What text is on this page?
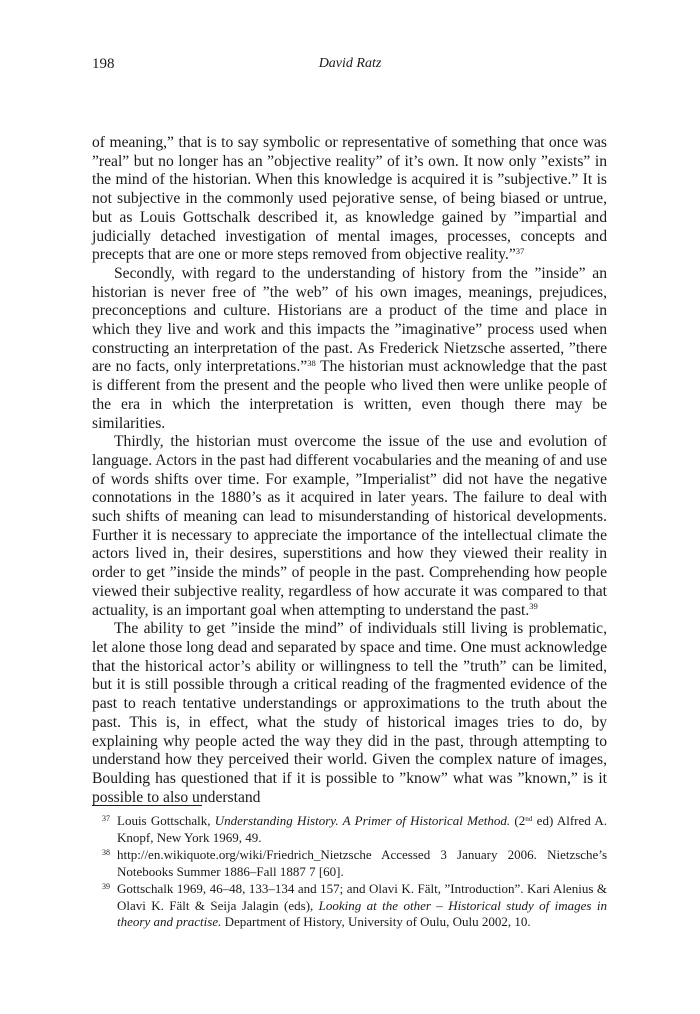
198	David Ratz

of meaning,” that is to say symbolic or representative of something that once was ”real” but no longer has an ”objective reality” of it’s own. It now only ”exists” in the mind of the historian. When this knowledge is acquired it is ”subjective.” It is not subjective in the commonly used pejorative sense, of being biased or untrue, but as Louis Gottschalk described it, as knowledge gained by ”impartial and judicially detached investigation of mental images, processes, concepts and precepts that are one or more steps removed from objective reality.”$^{37}$

Secondly, with regard to the understanding of history from the ”inside” an historian is never free of ”the web” of his own images, meanings, prejudices, preconceptions and culture. Historians are a product of the time and place in which they live and work and this impacts the ”imaginative” process used when constructing an interpretation of the past. As Frederick Nietzsche asserted, ”there are no facts, only interpretations.”$^{38}$ The historian must acknowledge that the past is different from the present and the people who lived then were unlike people of the era in which the interpretation is written, even though there may be similarities.

Thirdly, the historian must overcome the issue of the use and evolution of language. Actors in the past had different vocabularies and the meaning of and use of words shifts over time. For example, ”Imperialist” did not have the negative connotations in the 1880’s as it acquired in later years. The failure to deal with such shifts of meaning can lead to misunderstanding of historical developments. Further it is necessary to appreciate the importance of the intellectual climate the actors lived in, their desires, superstitions and how they viewed their reality in order to get ”inside the minds” of people in the past. Comprehending how people viewed their subjective reality, regardless of how accurate it was compared to that actuality, is an important goal when attempting to understand the past.$^{39}$

The ability to get ”inside the mind” of individuals still living is problematic, let alone those long dead and separated by space and time. One must acknowledge that the historical actor’s ability or willingness to tell the ”truth” can be limited, but it is still possible through a critical reading of the fragmented evidence of the past to reach tentative understandings or approximations to the truth about the past. This is, in effect, what the study of historical images tries to do, by explaining why people acted the way they did in the past, through attempting to understand how they perceived their world. Given the complex nature of images, Boulding has questioned that if it is possible to ”know” what was ”known,” is it possible to also understand

37 Louis Gottschalk, Understanding History. A Primer of Historical Method. (2nd ed) Alfred A. Knopf, New York 1969, 49.
38 http://en.wikiquote.org/wiki/Friedrich_Nietzsche Accessed 3 January 2006. Nietzsche’s Notebooks Summer 1886–Fall 1887 7 [60].
39 Gottschalk 1969, 46–48, 133–134 and 157; and Olavi K. Fält, ”Introduction”. Kari Alenius & Olavi K. Fält & Seija Jalagin (eds), Looking at the other – Historical study of images in theory and practise. Department of History, University of Oulu, Oulu 2002, 10.
